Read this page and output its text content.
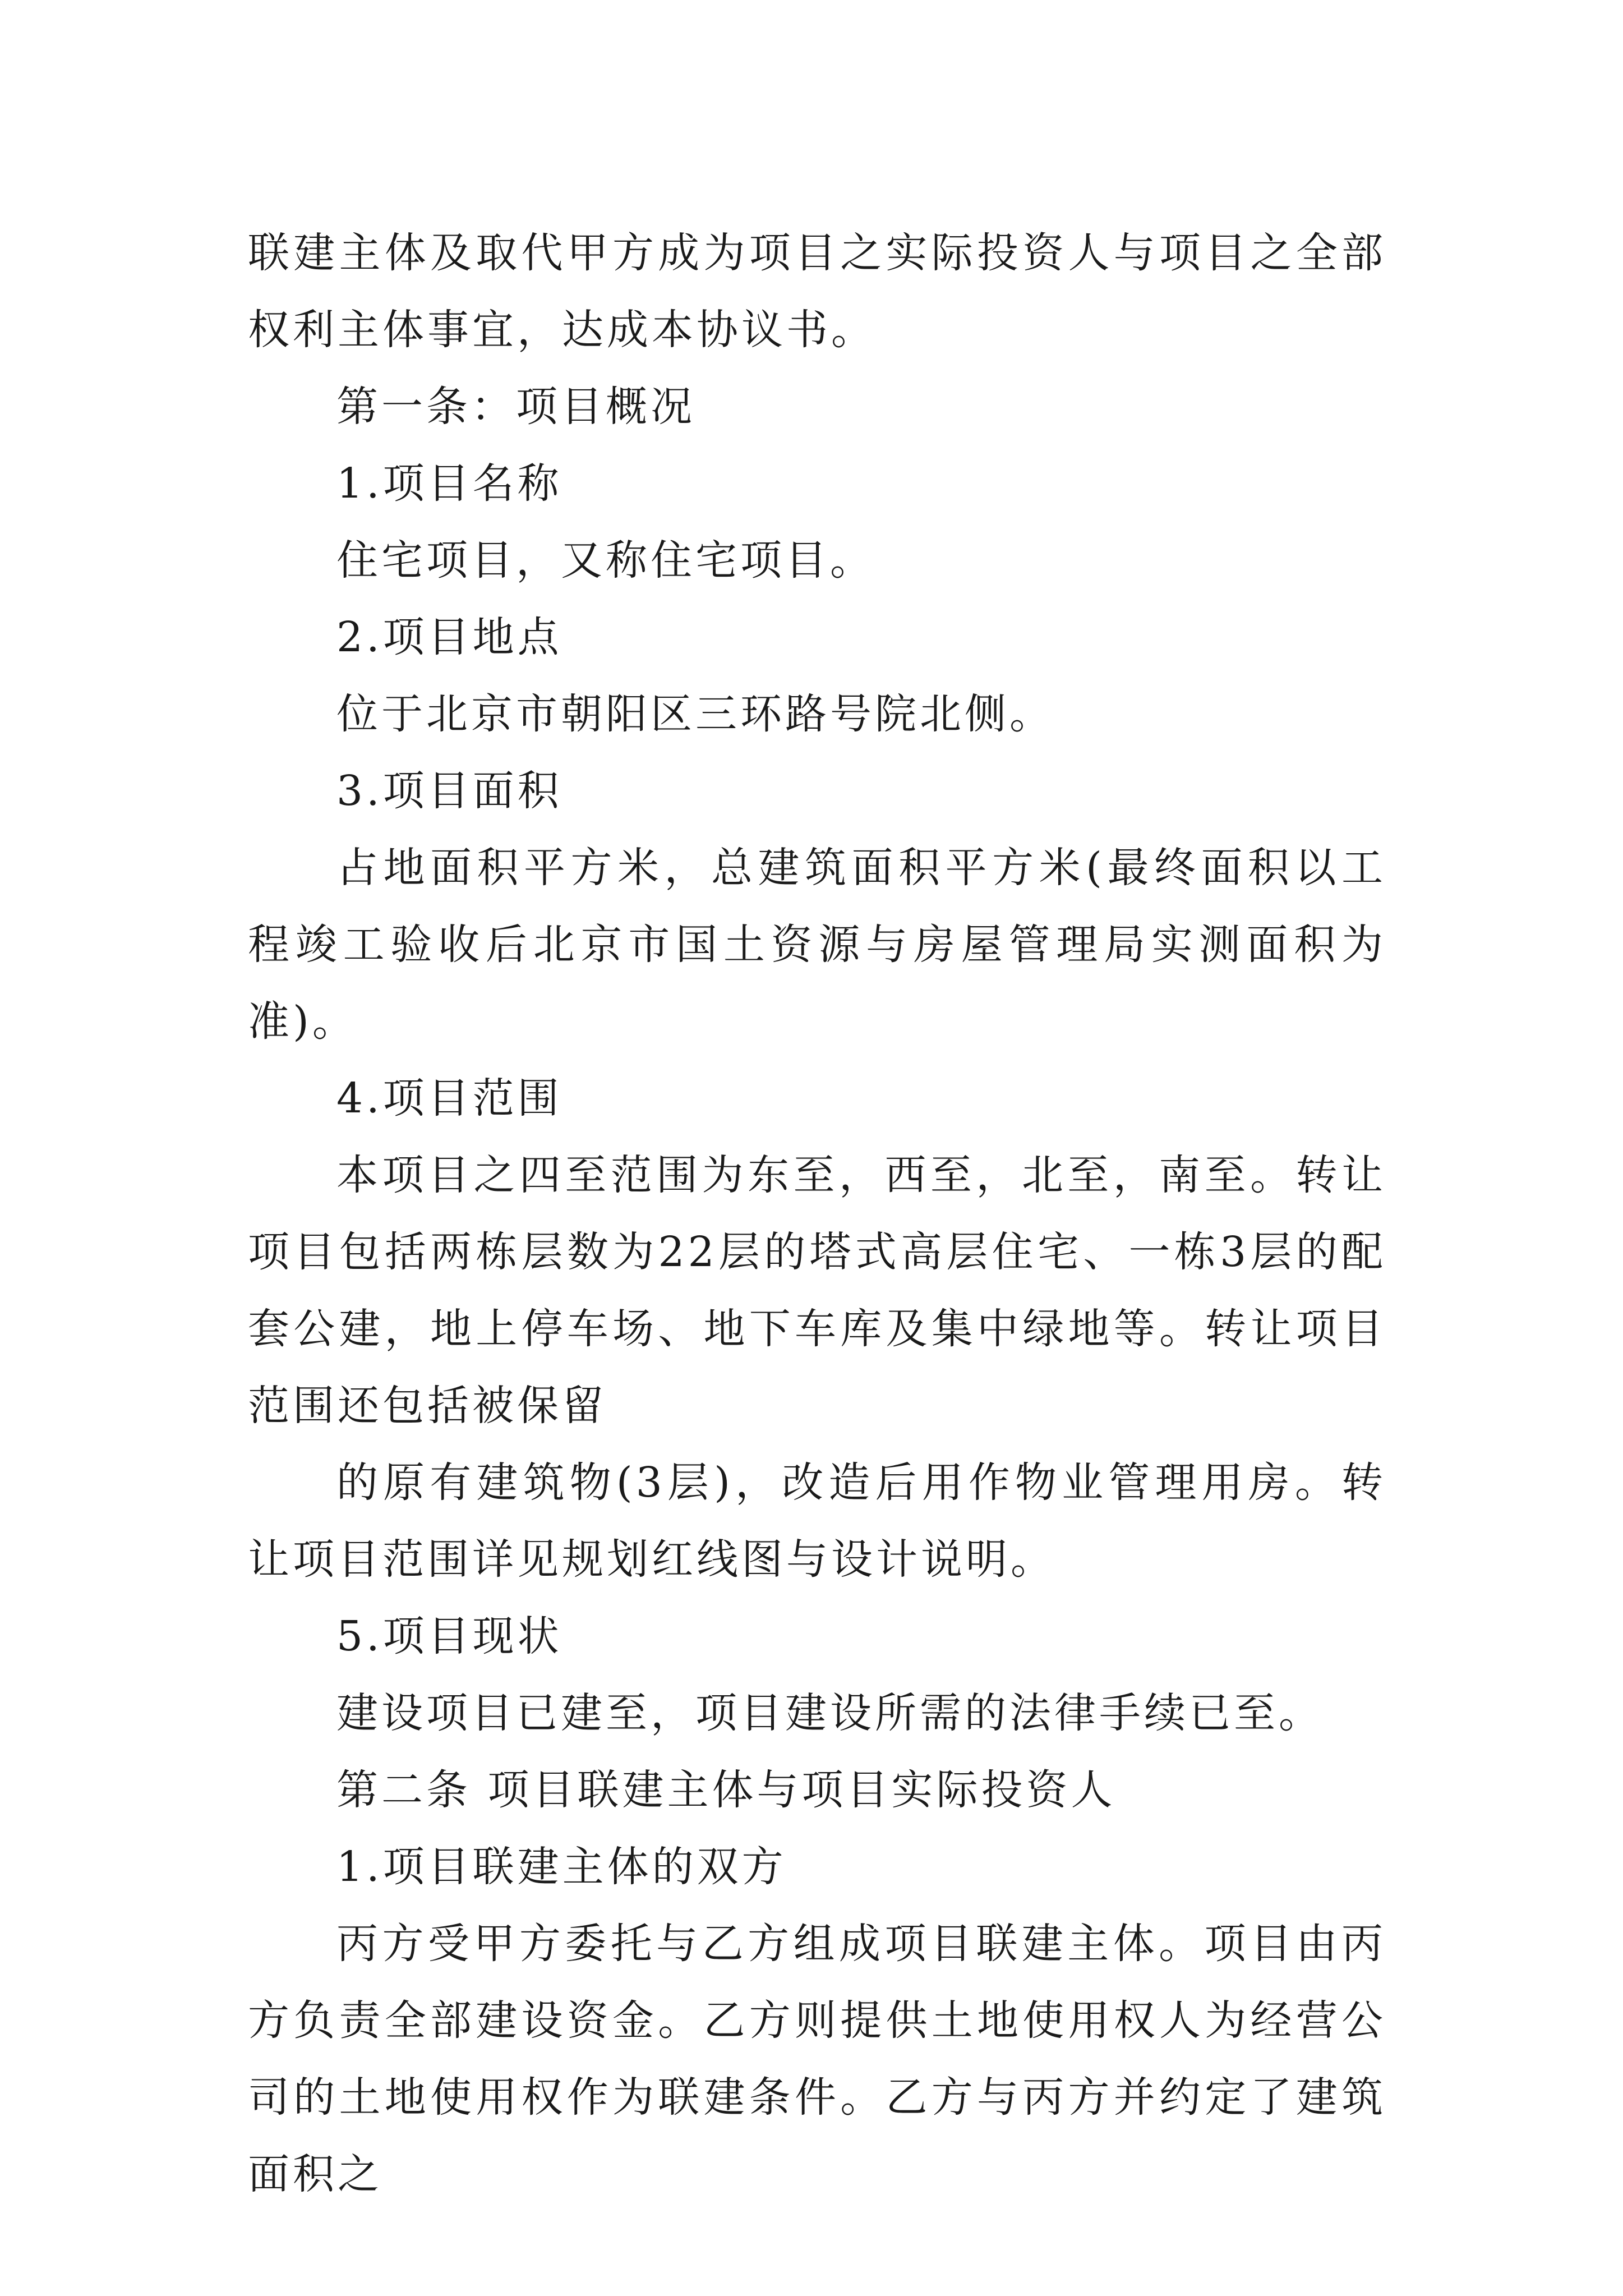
联建主体及取代甲方成为项目之实际投资人与项目之全部权利主体事宜，达成本协议书。

第一条：项目概况

1.项目名称

住宅项目，又称住宅项目。

2.项目地点

位于北京市朝阳区三环路号院北侧。

3.项目面积

占地面积平方米，总建筑面积平方米(最终面积以工程竣工验收后北京市国土资源与房屋管理局实测面积为准)。

4.项目范围

本项目之四至范围为东至，西至，北至，南至。转让项目包括两栋层数为22层的塔式高层住宅、一栋3层的配套公建，地上停车场、地下车库及集中绿地等。转让项目范围还包括被保留

的原有建筑物(3层)，改造后用作物业管理用房。转让项目范围详见规划红线图与设计说明。

5.项目现状

建设项目已建至，项目建设所需的法律手续已至。

第二条 项目联建主体与项目实际投资人

1.项目联建主体的双方

丙方受甲方委托与乙方组成项目联建主体。项目由丙方负责全部建设资金。乙方则提供土地使用权人为经营公司的土地使用权作为联建条件。乙方与丙方并约定了建筑面积之
